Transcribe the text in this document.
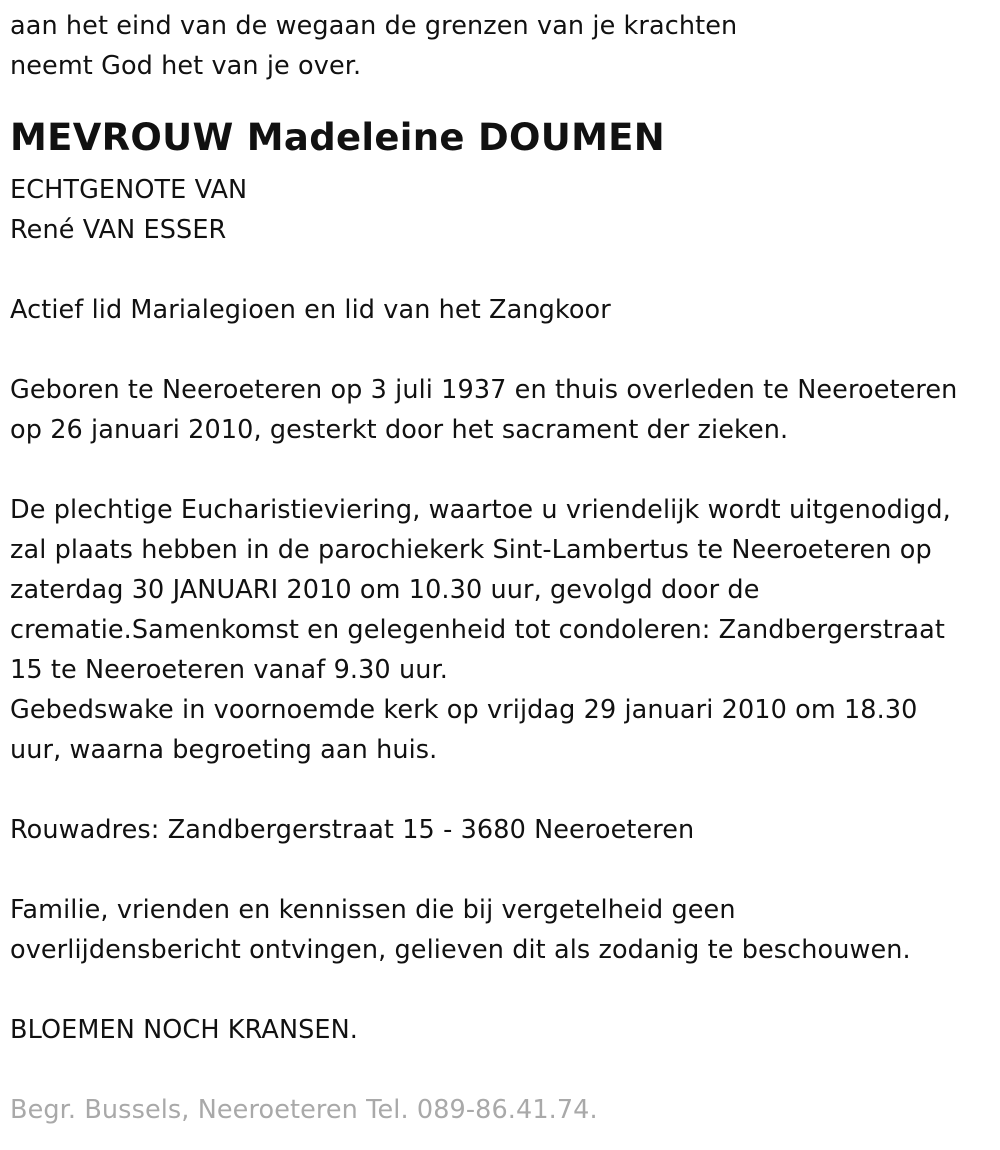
aan het eind van de wegaan de grenzen van je krachten
neemt God het van je over.
MEVROUW Madeleine DOUMEN
ECHTGENOTE VAN
René VAN ESSER
Actief lid Marialegioen en lid van het Zangkoor
Geboren te Neeroeteren op 3 juli 1937 en thuis overleden te Neeroeteren
op 26 januari 2010, gesterkt door het sacrament der zieken.
De plechtige Eucharistieviering, waartoe u vriendelijk wordt uitgenodigd,
zal plaats hebben in de parochiekerk Sint-Lambertus te Neeroeteren op
zaterdag 30 JANUARI 2010 om 10.30 uur, gevolgd door de
crematie.Samenkomst en gelegenheid tot condoleren: Zandbergerstraat
15 te Neeroeteren vanaf 9.30 uur.
Gebedswake in voornoemde kerk op vrijdag 29 januari 2010 om 18.30
uur, waarna begroeting aan huis.
Rouwadres: Zandbergerstraat 15 - 3680 Neeroeteren
Familie, vrienden en kennissen die bij vergetelheid geen
overlijdensbericht ontvingen, gelieven dit als zodanig te beschouwen.
BLOEMEN NOCH KRANSEN.
Begr. Bussels, Neeroeteren Tel. 089-86.41.74.
